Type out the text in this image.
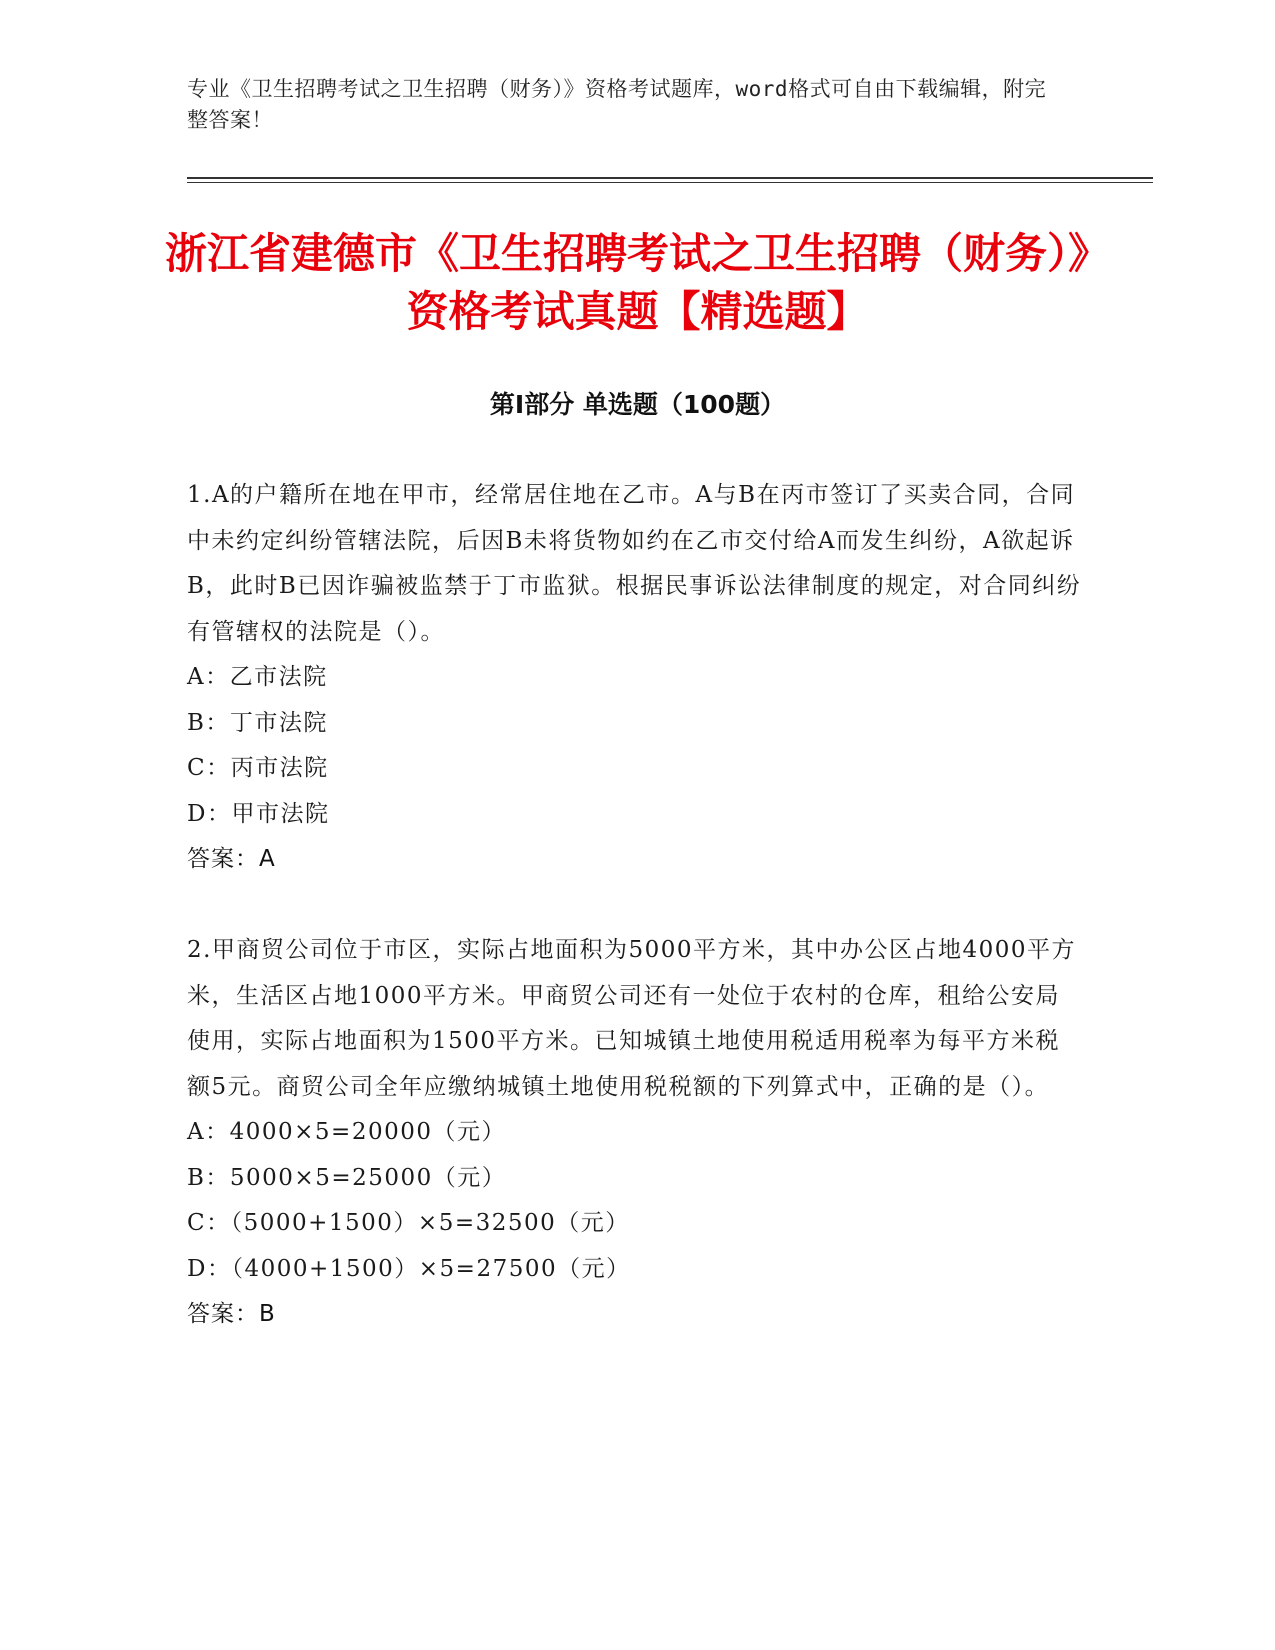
专业《卫生招聘考试之卫生招聘（财务）》资格考试题库，word格式可自由下载编辑，附完整答案！
浙江省建德市《卫生招聘考试之卫生招聘（财务）》资格考试真题【精选题】
第Ⅰ部分 单选题（100题）

1.A的户籍所在地在甲市，经常居住地在乙市。A与B在丙市签订了买卖合同，合同中未约定纠纷管辖法院，后因B未将货物如约在乙市交付给A而发生纠纷，A欲起诉B，此时B已因诈骗被监禁于丁市监狱。根据民事诉讼法律制度的规定，对合同纠纷有管辖权的法院是（）。

A：乙市法院

B：丁市法院

C：丙市法院

D：甲市法院

答案：A

2.甲商贸公司位于市区，实际占地面积为5000平方米，其中办公区占地4000平方米，生活区占地1000平方米。甲商贸公司还有一处位于农村的仓库，租给公安局使用，实际占地面积为1500平方米。已知城镇土地使用税适用税率为每平方米税额5元。商贸公司全年应缴纳城镇土地使用税税额的下列算式中，正确的是（）。

A：4000×5=20000（元）

B：5000×5=25000（元）

C：（5000+1500）×5=32500（元）

D：（4000+1500）×5=27500（元）

答案：B
